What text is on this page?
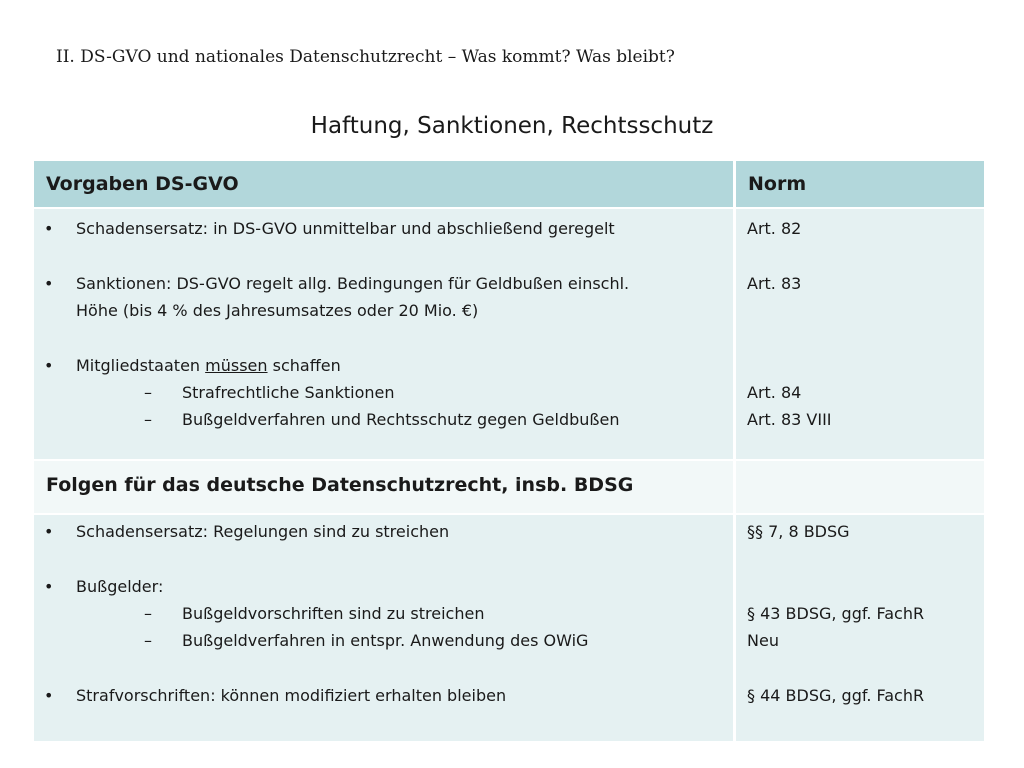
II. DS-GVO und nationales Datenschutzrecht – Was kommt? Was bleibt?
Haftung, Sanktionen, Rechtsschutz
Vorgaben DS-GVO	Norm
• Schadensersatz: in DS-GVO unmittelbar und abschließend geregelt
• Sanktionen: DS-GVO regelt allg. Bedingungen für Geldbußen einschl.
Höhe (bis 4 % des Jahresumsatzes oder 20 Mio. €)
• Mitgliedstaaten müssen schaffen
– Strafrechtliche Sanktionen
– Bußgeldverfahren und Rechtsschutz gegen Geldbußen
Art. 82
Art. 83
Art. 84
Art. 83 VIII
Folgen für das deutsche Datenschutzrecht, insb. BDSG
• Schadensersatz: Regelungen sind zu streichen
• Bußgelder:
– Bußgeldvorschriften sind zu streichen
– Bußgeldverfahren in entspr. Anwendung des OWiG
• Strafvorschriften: können modifiziert erhalten bleiben
§§ 7, 8 BDSG
§ 43 BDSG, ggf. FachR
Neu
§ 44 BDSG, ggf. FachR
